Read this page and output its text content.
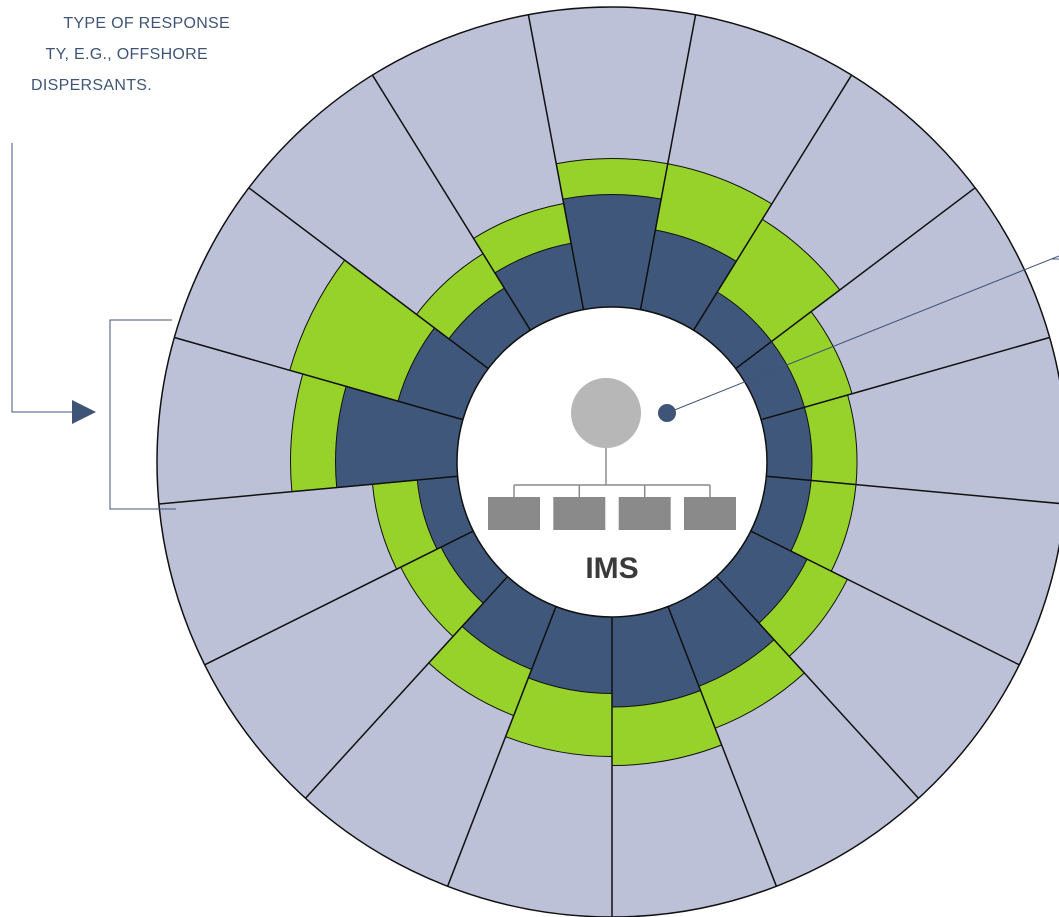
IMS
TYPE OF RESPONSE
TY, E.G., OFFSHORE
DISPERSANTS.
